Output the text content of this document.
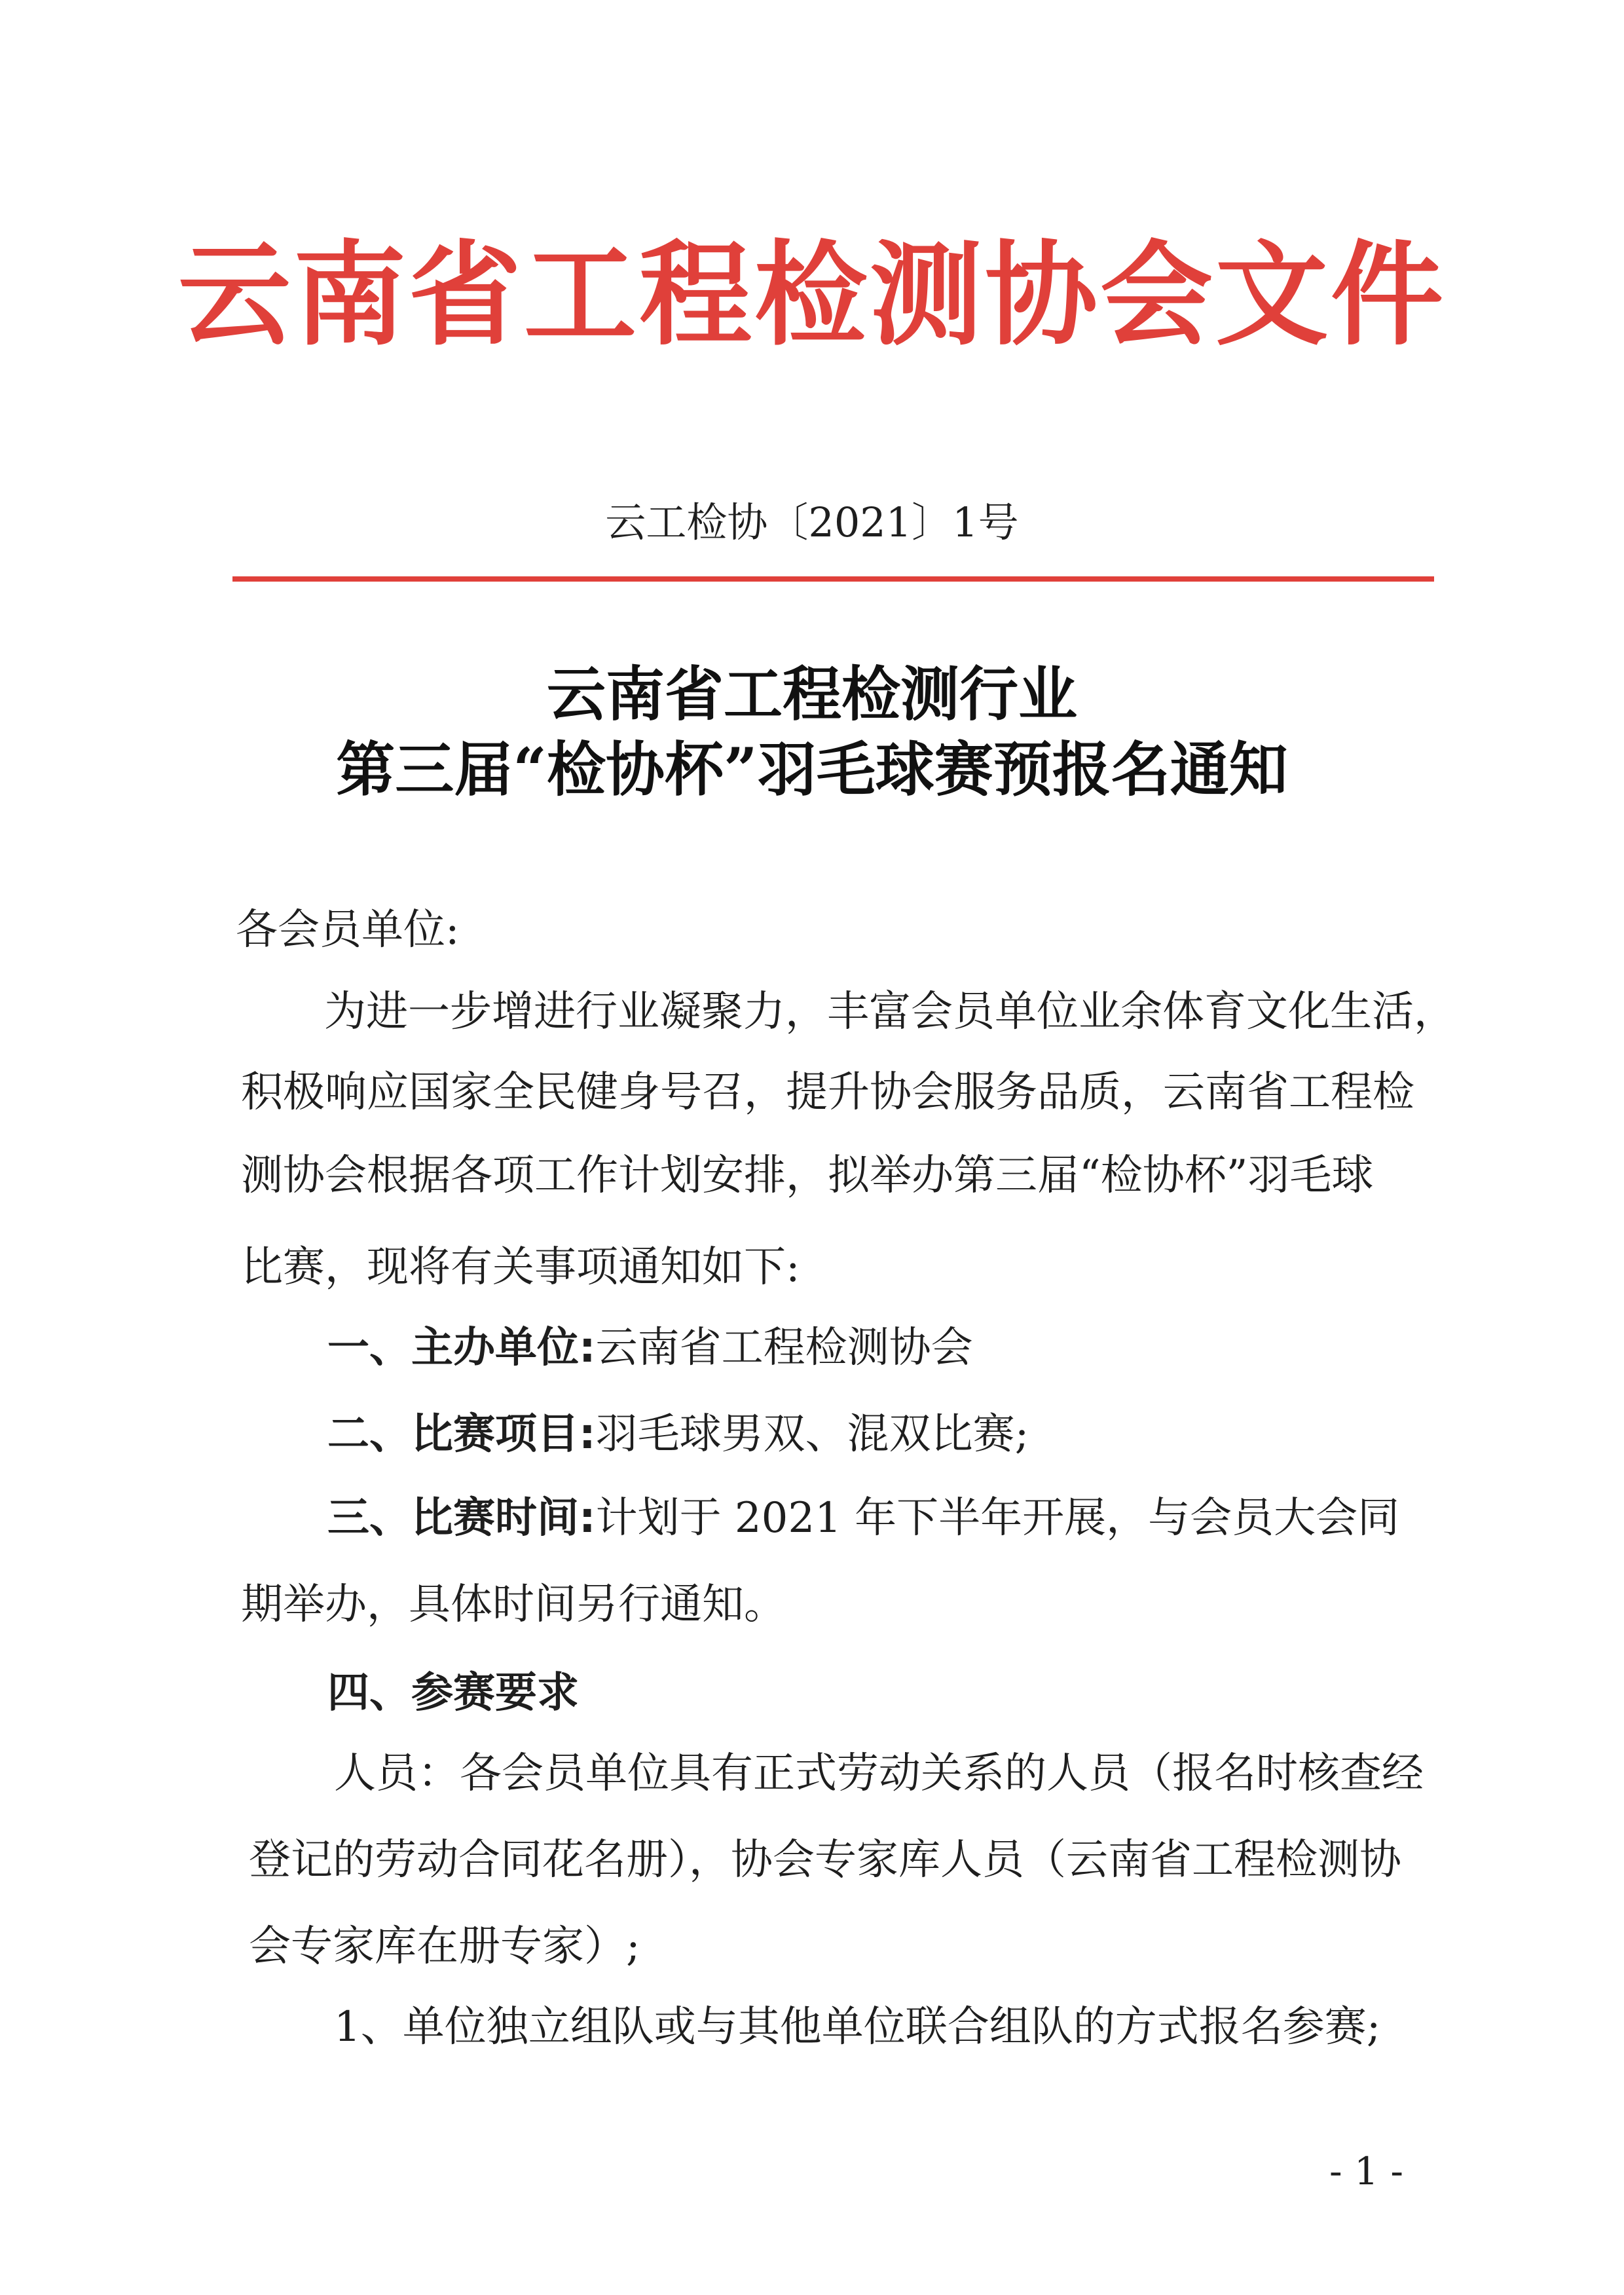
云南省工程检测协会文件
云工检协〔2021〕1号
云南省工程检测行业
第三届“检协杯”羽毛球赛预报名通知
各会员单位:
为进一步增进行业凝聚力，丰富会员单位业余体育文化生活，
积极响应国家全民健身号召，提升协会服务品质，云南省工程检
测协会根据各项工作计划安排，拟举办第三届“检协杯”羽毛球
比赛，现将有关事项通知如下:
一、主办单位:云南省工程检测协会
二、比赛项目:羽毛球男双、混双比赛;
三、比赛时间:计划于 2021 年下半年开展，与会员大会同
期举办，具体时间另行通知。
四、参赛要求
人员：各会员单位具有正式劳动关系的人员（报名时核查经
登记的劳动合同花名册），协会专家库人员（云南省工程检测协
会专家库在册专家）;
1、单位独立组队或与其他单位联合组队的方式报名参赛;
- 1 -
